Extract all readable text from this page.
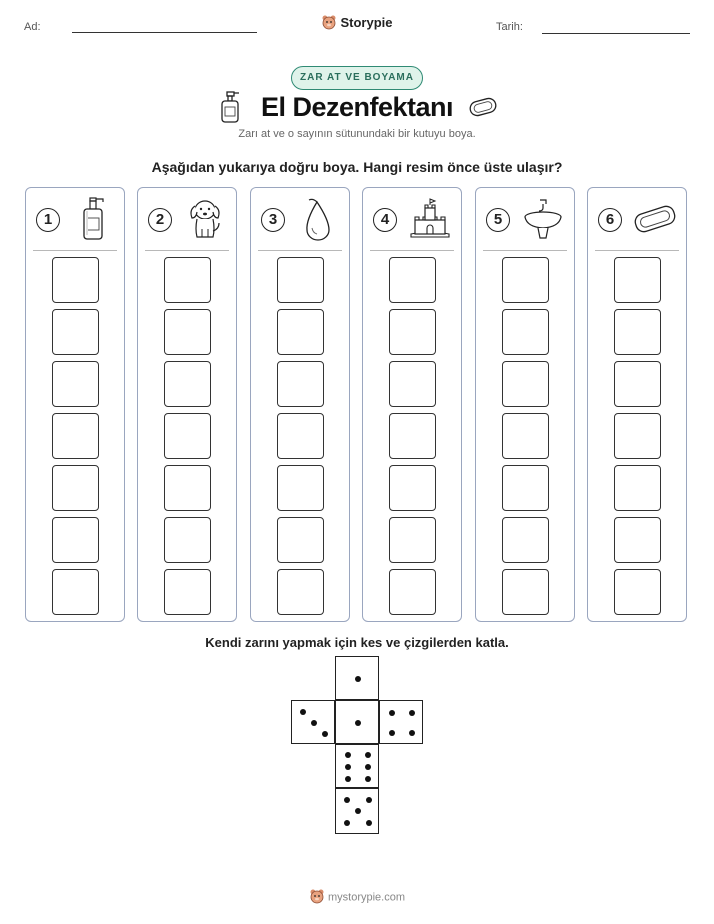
Ad:	Storypie	Tarih:
ZAR AT VE BOYAMA
El Dezenfektanı
Zarı at ve o sayının sütunundaki bir kutuyu boya.
Aşağıdan yukarıya doğru boya. Hangi resim önce üste ulaşır?
1	2	3	4	5	6
Kendi zarını yapmak için kes ve çizgilerden katla.
mystorypie.com
